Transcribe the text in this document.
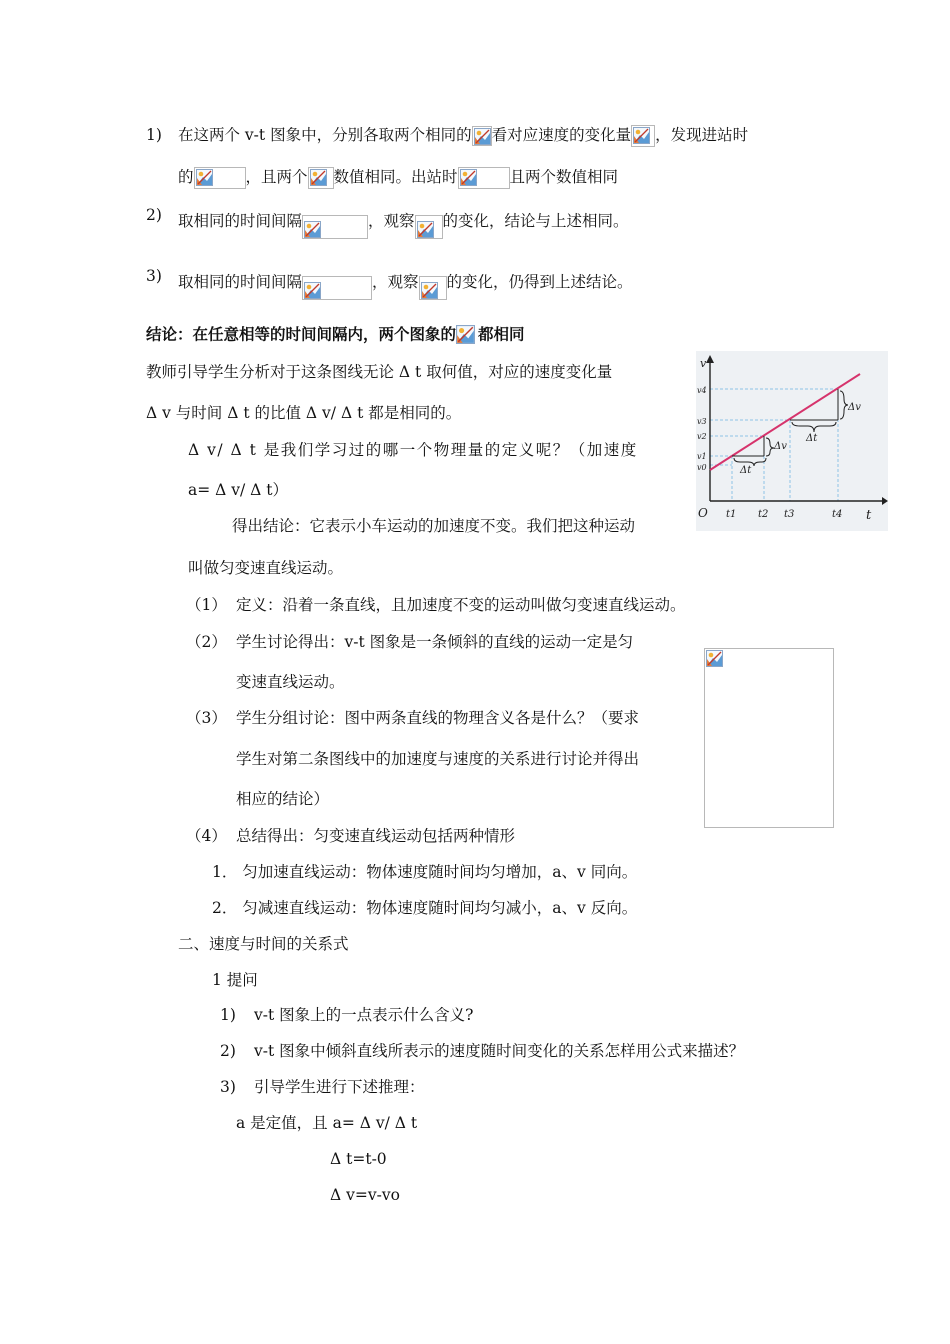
1) 在这两个 v-t 图象中，分别各取两个相同的 看对应速度的变化量 ，发现进站时
的	，且两个 数值相同。出站时	且两个数值相同
2) 取相同的时间间隔	，观察 的变化，结论与上述相同。
3) 取相同的时间间隔	，观察 的变化，仍得到上述结论。
结论：在任意相等的时间间隔内，两个图象的 都相同
教师引导学生分析对于这条图线无论 Δ t 取何值，对应的速度变化量
Δ v 与时间 Δ t 的比值 Δ v/ Δ t 都是相同的。
Δ v/ Δ t 是我们学习过的哪一个物理量的定义呢？（加速度
a= Δ v/ Δ t）
得出结论：它表示小车运动的加速度不变。我们把这种运动
叫做匀变速直线运动。
v
t
O
v4
v3
v2
v1
v0
t1 t2 t3	t4
Δt
Δt
Δv
Δv
（1） 定义：沿着一条直线，且加速度不变的运动叫做匀变速直线运动。
（2） 学生讨论得出：v-t 图象是一条倾斜的直线的运动一定是匀
变速直线运动。
（3） 学生分组讨论：图中两条直线的物理含义各是什么？（要求
学生对第二条图线中的加速度与速度的关系进行讨论并得出
相应的结论）
（4） 总结得出：匀变速直线运动包括两种情形
1． 匀加速直线运动：物体速度随时间均匀增加，a、v 同向。
2． 匀减速直线运动：物体速度随时间均匀减小，a、v 反向。
二、速度与时间的关系式
1 提问
1) v-t 图象上的一点表示什么含义?
2) v-t 图象中倾斜直线所表示的速度随时间变化的关系怎样用公式来描述？
3) 引导学生进行下述推理：
a 是定值，且 a= Δ v/ Δ t
Δ t=t-0
Δ v=v-vo
